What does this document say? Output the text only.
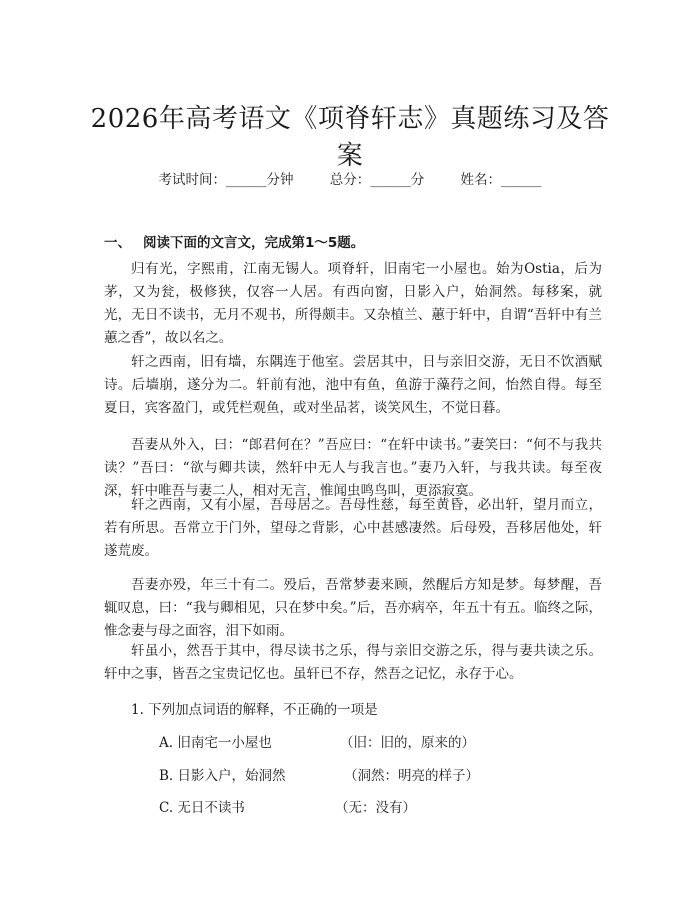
2026年高考语文《项脊轩志》真题练习及答案
考试时间：______分钟	总分：______分	姓名：______
一、 阅读下面的文言文，完成第1～5题。

归有光，字熙甫，江南无锡人。项脊轩，旧南宅一小屋也。始为Ostia，后为茅，又为瓮，极修狭，仅容一人居。有西向窗，日影入户，始洞然。每移案，就光，无日不读书，无月不观书，所得颇丰。又杂植兰、蕙于轩中，自谓“吾轩中有兰蕙之香”，故以名之。

轩之西南，旧有墙，东隅连于他室。尝居其中，日与亲旧交游，无日不饮酒赋诗。后墙崩，遂分为二。轩前有池，池中有鱼，鱼游于藻荇之间，怡然自得。每至夏日，宾客盈门，或凭栏观鱼，或对坐品茗，谈笑风生，不觉日暮。

吾妻从外入，曰：“郎君何在？”吾应曰：“在轩中读书。”妻笑曰：“何不与我共读？”吾曰：“欲与卿共读，然轩中无人与我言也。”妻乃入轩，与我共读。每至夜深，轩中唯吾与妻二人，相对无言，惟闻虫鸣鸟叫，更添寂寞。

轩之西南，又有小屋，吾母居之。吾母性慈，每至黄昏，必出轩，望月而立，若有所思。吾常立于门外，望母之背影，心中甚感凄然。后母殁，吾移居他处，轩遂荒废。

吾妻亦殁，年三十有二。殁后，吾常梦妻来顾，然醒后方知是梦。每梦醒，吾辄叹息，曰：“我与卿相见，只在梦中矣。”后，吾亦病卒，年五十有五。临终之际，惟念妻与母之面容，泪下如雨。

轩虽小，然吾于其中，得尽读书之乐，得与亲旧交游之乐，得与妻共读之乐。轩中之事，皆吾之宝贵记忆也。虽轩已不存，然吾之记忆，永存于心。

1. 下列加点词语的解释，不正确的一项是
A. 旧南宅一小屋也	（旧：旧的，原来的）
B. 日影入户，始洞然	（洞然：明亮的样子）
C. 无日不读书	（无：没有）
